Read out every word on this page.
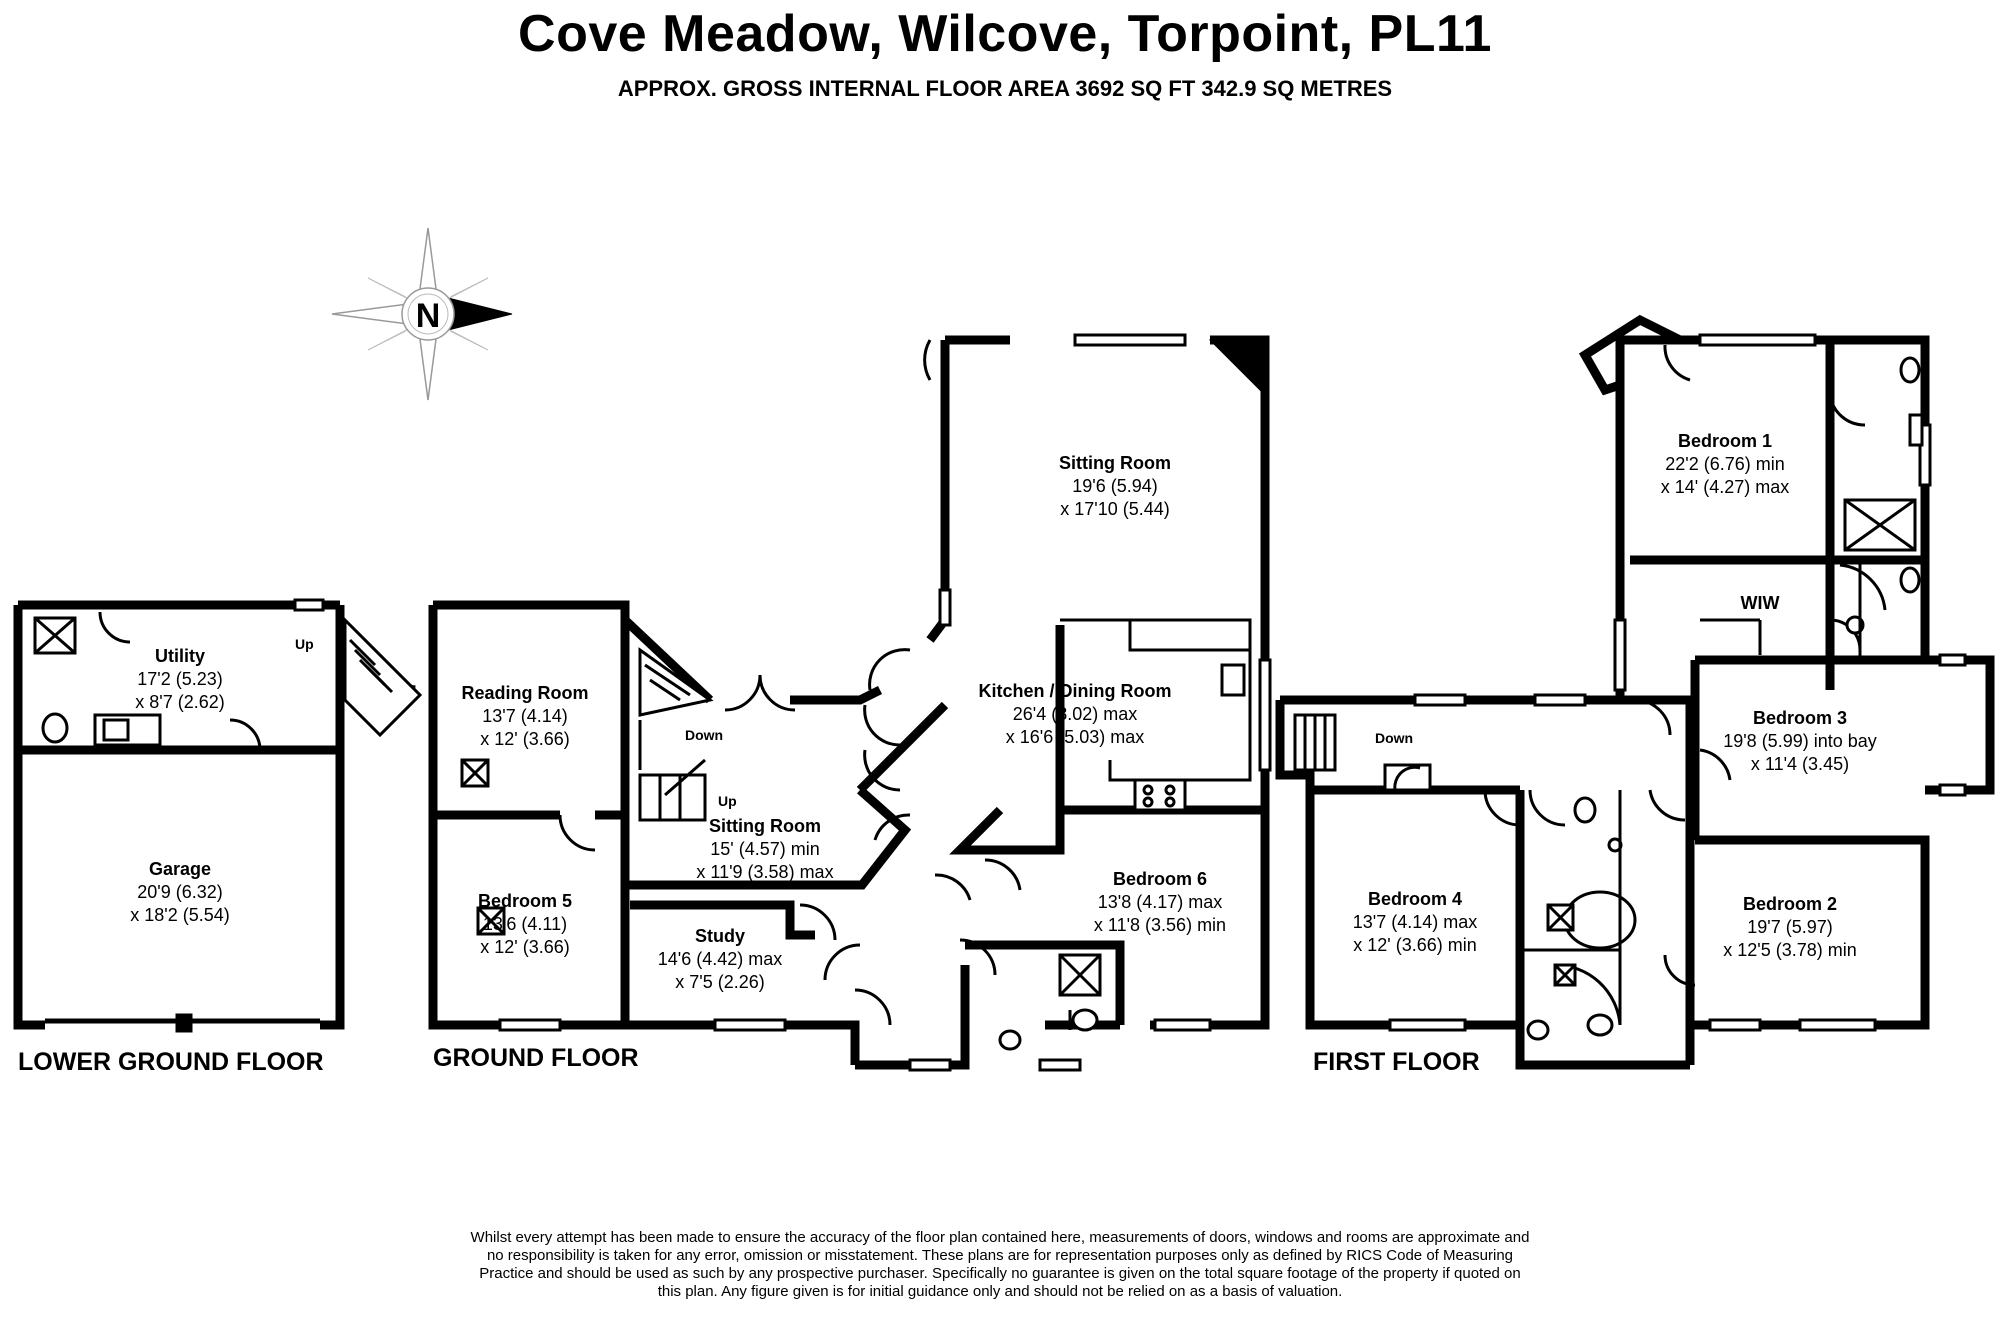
Cove Meadow, Wilcove, Torpoint, PL11
APPROX. GROSS INTERNAL FLOOR AREA 3692 SQ FT 342.9 SQ METRES
N
Utility
17'2 (5.23)
x 8'7 (2.62)
Garage
20'9 (6.32)
x 18'2 (5.54)
Reading Room
13'7 (4.14)
x 12' (3.66)
Bedroom 5
13'6 (4.11)
x 12' (3.66)
Sitting Room
15' (4.57) min
x 11'9 (3.58) max
Study
14'6 (4.42) max
x 7'5 (2.26)
Sitting Room
19'6 (5.94)
x 17'10 (5.44)
Kitchen / Dining Room
26'4 (8.02) max
x 16'6 (5.03) max
Bedroom 6
13'8 (4.17) max
x 11'8 (3.56) min
Bedroom 1
22'2 (6.76) min
x 14' (4.27) max
WIW
Bedroom 3
19'8 (5.99) into bay
x 11'4 (3.45)
Bedroom 4
13'7 (4.14) max
x 12' (3.66) min
Bedroom 2
19'7 (5.97)
x 12'5 (3.78) min
Up
Down
Up
Down
LOWER GROUND FLOOR	GROUND FLOOR	FIRST FLOOR
Whilst every attempt has been made to ensure the accuracy of the floor plan contained here, measurements of doors, windows and rooms are approximate and no responsibility is taken for any error, omission or misstatement. These plans are for representation purposes only as defined by RICS Code of Measuring Practice and should be used as such by any prospective purchaser. Specifically no guarantee is given on the total square footage of the property if quoted on this plan. Any figure given is for initial guidance only and should not be relied on as a basis of valuation.
